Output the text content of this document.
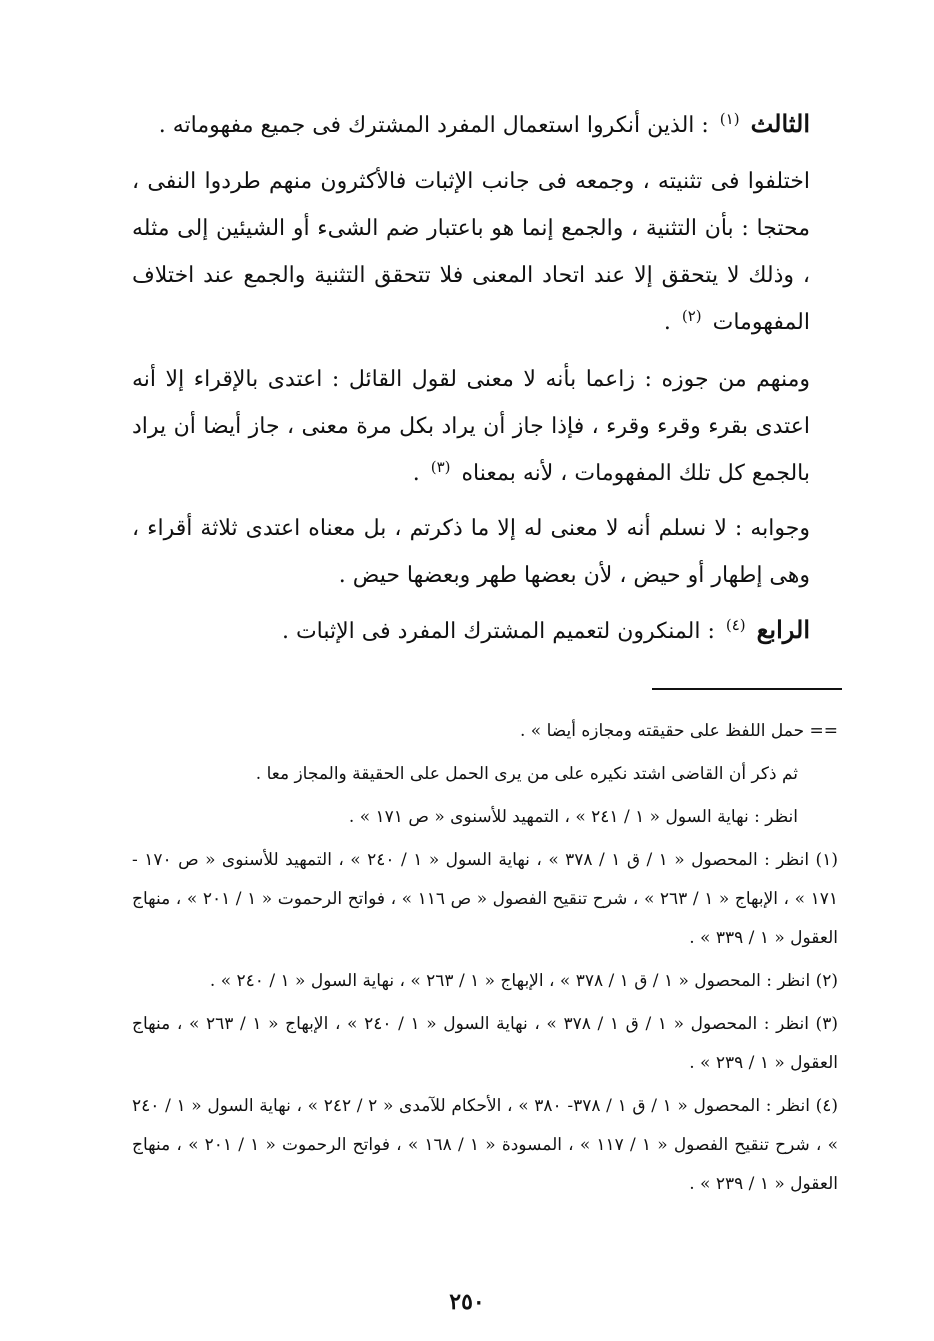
الثالث $^{(١)}$ : الذين أنكروا استعمال المفرد المشترك فى جميع مفهوماته .

اختلفوا فى تثنيته ، وجمعه فى جانب الإثبات فالأكثرون منهم طردوا النفى ، محتجا : بأن التثنية ، والجمع إنما هو باعتبار ضم الشىء أو الشيئين إلى مثله ، وذلك لا يتحقق إلا عند اتحاد المعنى فلا تتحقق التثنية والجمع عند اختلاف المفهومات $^{(٢)}$ .

ومنهم من جوزه : زاعما بأنه لا معنى لقول القائل : اعتدى بالإقراء إلا أنه اعتدى بقرء وقرء وقرء ، فإذا جاز أن يراد بكل مرة معنى ، جاز أيضا أن يراد بالجمع كل تلك المفهومات ، لأنه بمعناه $^{(٣)}$ .

وجوابه : لا نسلم أنه لا معنى له إلا ما ذكرتم ، بل معناه اعتدى ثلاثة أقراء ، وهى إطهار أو حيض ، لأن بعضها طهر وبعضها حيض .

الرابع $^{(٤)}$ : المنكرون لتعميم المشترك المفرد فى الإثبات .

== حمل اللفظ على حقيقته ومجازه أيضا » .

ثم ذكر أن القاضى اشتد نكيره على من يرى الحمل على الحقيقة والمجاز معا .

انظر : نهاية السول « ١ / ٢٤١ » ، التمهيد للأسنوى « ص ١٧١ » .

(١) انظر : المحصول « ١ / ق ١ / ٣٧٨ » ، نهاية السول « ١ / ٢٤٠ » ، التمهيد للأسنوى « ص ١٧٠ - ١٧١ » ، الإبهاج « ١ / ٢٦٣ » ، شرح تنقيح الفصول « ص ١١٦ » ، فواتح الرحموت « ١ / ٢٠١ » ، منهاج العقول « ١ / ٣٣٩ » .

(٢) انظر : المحصول « ١ / ق ١ / ٣٧٨ » ، الإبهاج « ١ / ٢٦٣ » ، نهاية السول « ١ / ٢٤٠ » .

(٣) انظر : المحصول « ١ / ق ١ / ٣٧٨ » ، نهاية السول « ١ / ٢٤٠ » ، الإبهاج « ١ / ٢٦٣ » ، منهاج العقول « ١ / ٢٣٩ » .

(٤) انظر : المحصول « ١ / ق ١ / ٣٧٨- ٣٨٠ » ، الأحكام للآمدى « ٢ / ٢٤٢ » ، نهاية السول « ١ / ٢٤٠ » ، شرح تنقيح الفصول « ١ / ١١٧ » ، المسودة « ١ / ١٦٨ » ، فواتح الرحموت « ١ / ٢٠١ » ، منهاج العقول « ١ / ٢٣٩ » .

٢٥٠
